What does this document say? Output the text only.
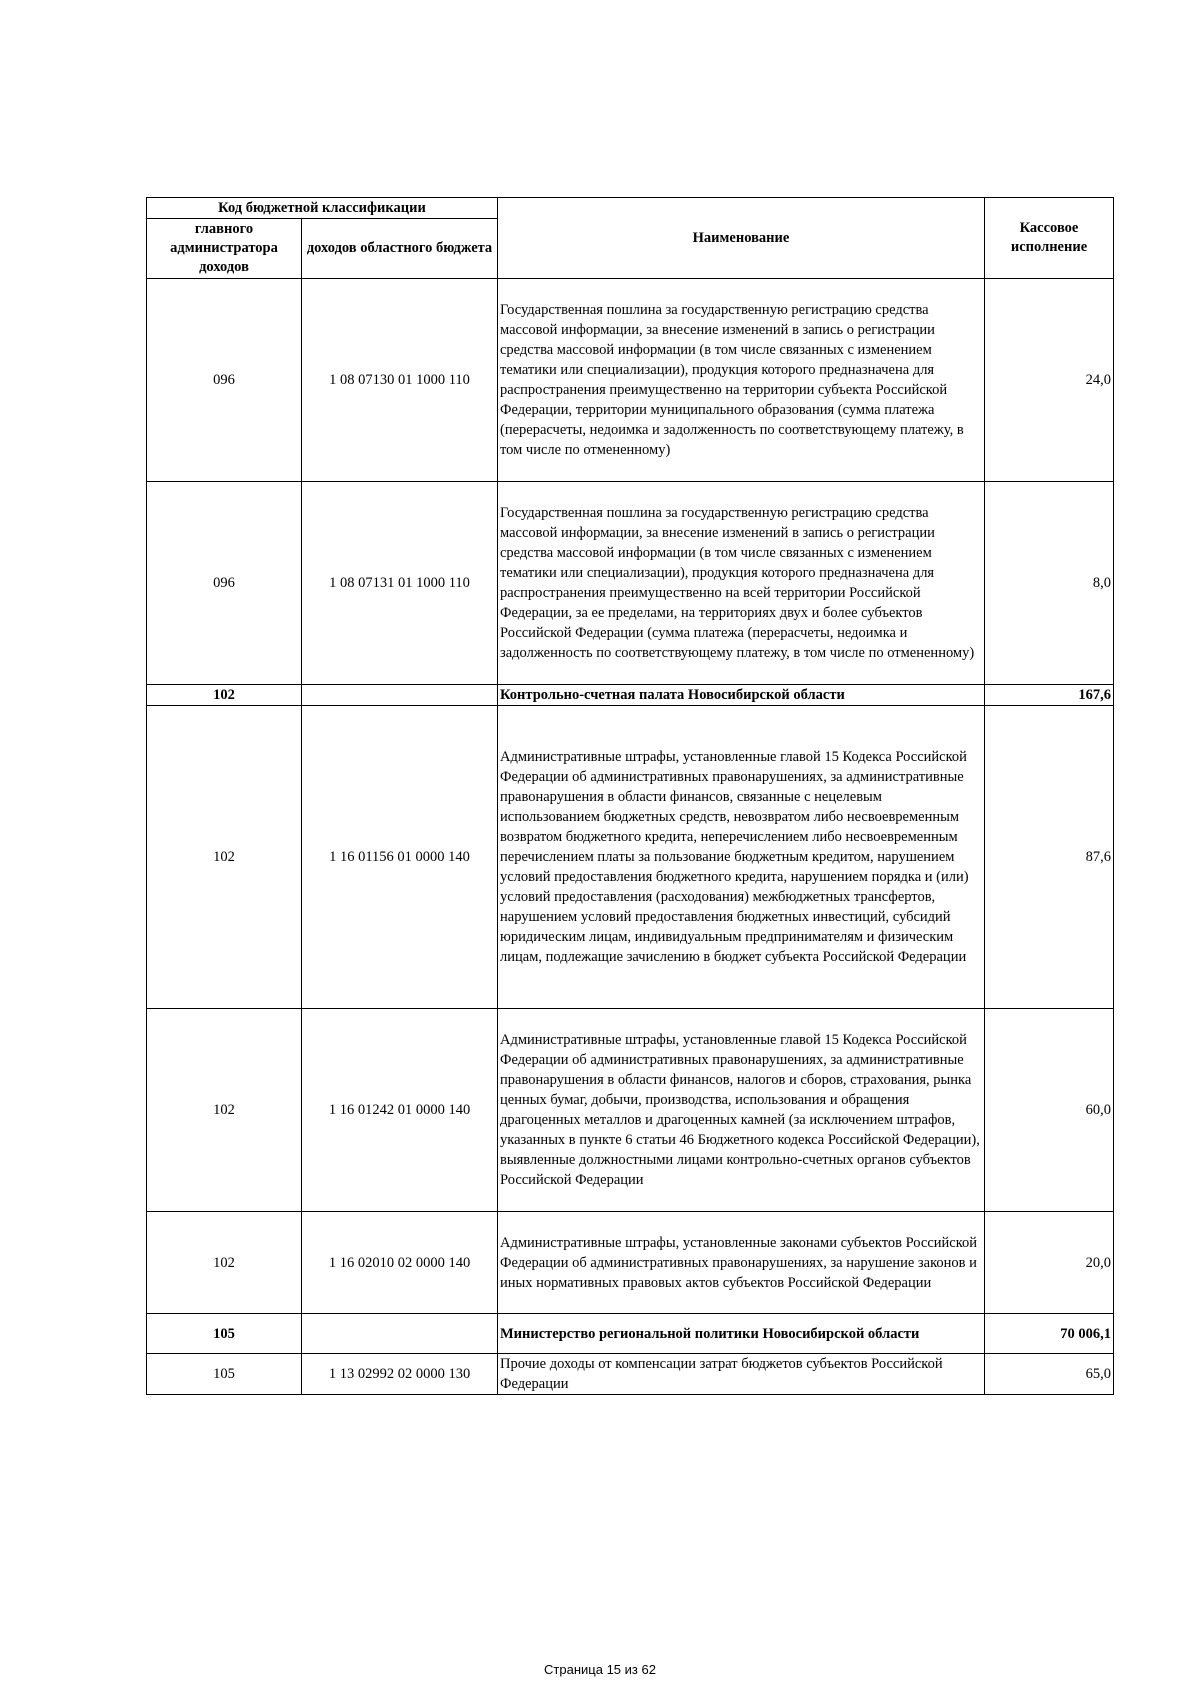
Код бюджетной классификации		Наименование	Кассовое исполнение
главного администратора доходов	доходов областного бюджета		
096	1 08 07130 01 1000 110	Государственная пошлина за государственную регистрацию средства массовой информации, за внесение изменений в запись о регистрации средства массовой информации (в том числе связанных с изменением тематики или специализации), продукция которого предназначена для распространения преимущественно на территории субъекта Российской Федерации, территории муниципального образования (сумма платежа (перерасчеты, недоимка и задолженность по соответствующему платежу, в том числе по отмененному)	24,0
096	1 08 07131 01 1000 110	Государственная пошлина за государственную регистрацию средства массовой информации, за внесение изменений в запись о регистрации средства массовой информации (в том числе связанных с изменением тематики или специализации), продукция которого предназначена для распространения преимущественно на всей территории Российской Федерации, за ее пределами, на территориях двух и более субъектов Российской Федерации (сумма платежа (перерасчеты, недоимка и задолженность по соответствующему платежу, в том числе по отмененному)	8,0
102		Контрольно-счетная палата Новосибирской области	167,6
102	1 16 01156 01 0000 140	Административные штрафы, установленные главой 15 Кодекса Российской Федерации об административных правонарушениях, за административные правонарушения в области финансов, связанные с нецелевым использованием бюджетных средств, невозвратом либо несвоевременным возвратом бюджетного кредита, неперечислением либо несвоевременным перечислением платы за пользование бюджетным кредитом, нарушением условий предоставления бюджетного кредита, нарушением порядка и (или) условий предоставления (расходования) межбюджетных трансфертов, нарушением условий предоставления бюджетных инвестиций, субсидий юридическим лицам, индивидуальным предпринимателям и физическим лицам, подлежащие зачислению в бюджет субъекта Российской Федерации	87,6
102	1 16 01242 01 0000 140	Административные штрафы, установленные главой 15 Кодекса Российской Федерации об административных правонарушениях, за административные правонарушения в области финансов, налогов и сборов, страхования, рынка ценных бумаг, добычи, производства, использования и обращения драгоценных металлов и драгоценных камней (за исключением штрафов, указанных в пункте 6 статьи 46 Бюджетного кодекса Российской Федерации), выявленные должностными лицами контрольно-счетных органов субъектов Российской Федерации	60,0
102	1 16 02010 02 0000 140	Административные штрафы, установленные законами субъектов Российской Федерации об административных правонарушениях, за нарушение законов и иных нормативных правовых актов субъектов Российской Федерации	20,0
105		Министерство региональной политики Новосибирской области	70 006,1
105	1 13 02992 02 0000 130	Прочие доходы от компенсации затрат бюджетов субъектов Российской Федерации	65,0
Страница 15 из 62
